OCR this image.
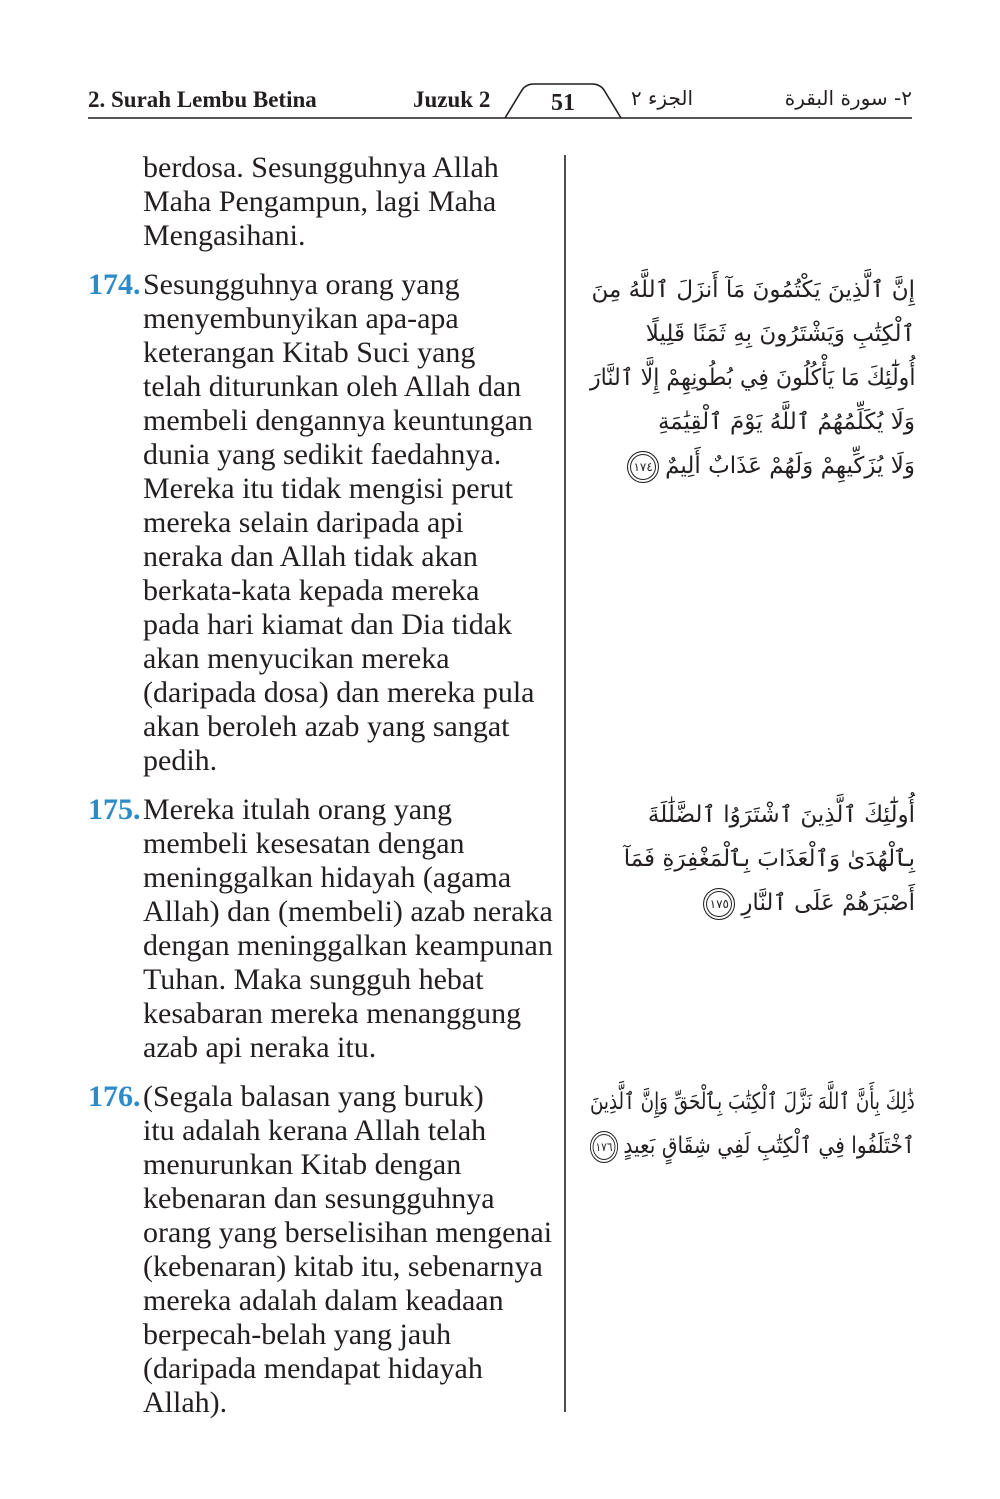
2. Surah Lembu Betina	Juzuk 2	51	الجزء ٢	٢- سورة البقرة
berdosa. Sesungguhnya Allah
Maha Pengampun, lagi Maha
Mengasihani.
174. Sesungguhnya orang yang
menyembunyikan apa-apa
keterangan Kitab Suci yang
telah diturunkan oleh Allah dan
membeli dengannya keuntungan
dunia yang sedikit faedahnya.
Mereka itu tidak mengisi perut
mereka selain daripada api
neraka dan Allah tidak akan
berkata-kata kepada mereka
pada hari kiamat dan Dia tidak
akan menyucikan mereka
(daripada dosa) dan mereka pula
akan beroleh azab yang sangat
pedih.
175. Mereka itulah orang yang
membeli kesesatan dengan
meninggalkan hidayah (agama
Allah) dan (membeli) azab neraka
dengan meninggalkan keampunan
Tuhan. Maka sungguh hebat
kesabaran mereka menanggung
azab api neraka itu.
176. (Segala balasan yang buruk)
itu adalah kerana Allah telah
menurunkan Kitab dengan
kebenaran dan sesungguhnya
orang yang berselisihan mengenai
(kebenaran) kitab itu, sebenarnya
mereka adalah dalam keadaan
berpecah-belah yang jauh
(daripada mendapat hidayah
Allah).
إِنَّ ٱلَّذِينَ يَكْتُمُونَ مَآ أَنزَلَ ٱللَّهُ مِنَ
ٱلْكِتَٰبِ وَيَشْتَرُونَ بِهِ ثَمَنًا قَلِيلًا
أُولَٰٓئِكَ مَا يَأْكُلُونَ فِي بُطُونِهِمْ إِلَّا ٱلنَّارَ
وَلَا يُكَلِّمُهُمُ ٱللَّهُ يَوْمَ ٱلْقِيَٰمَةِ
وَلَا يُزَكِّيهِمْ وَلَهُمْ عَذَابٌ أَلِيمٌ١٧٤
أُولَٰٓئِكَ ٱلَّذِينَ ٱشْتَرَوُا ٱلضَّلَٰلَةَ
بِٱلْهُدَىٰ وَٱلْعَذَابَ بِٱلْمَغْفِرَةِ فَمَآ
أَصْبَرَهُمْ عَلَى ٱلنَّارِ١٧٥
ذَٰلِكَ بِأَنَّ ٱللَّهَ نَزَّلَ ٱلْكِتَٰبَ بِٱلْحَقِّ وَإِنَّ ٱلَّذِينَ
ٱخْتَلَفُوا فِي ٱلْكِتَٰبِ لَفِي شِقَاقٍ بَعِيدٍ١٧٦
